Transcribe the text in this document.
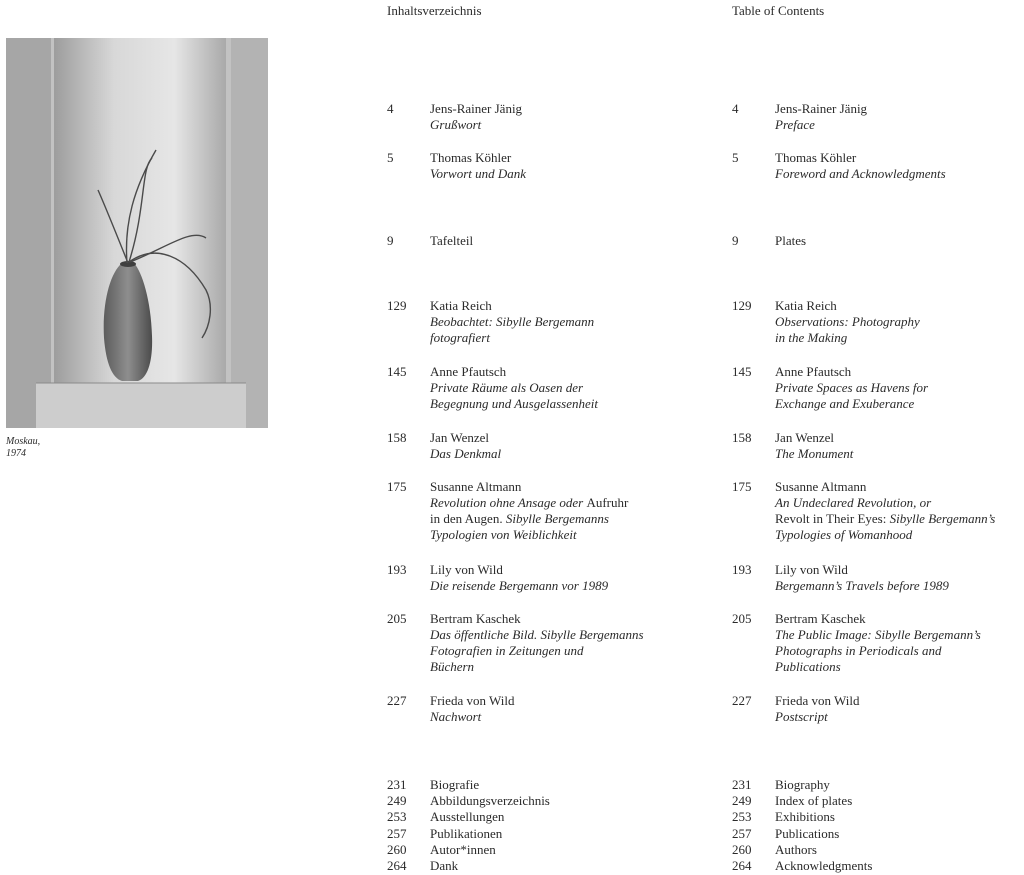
Moskau,
1974
Inhaltsverzeichnis	Table of Contents
4	Jens-Rainer Jänig
Grußwort
5	Thomas Köhler
Vorwort und Dank
9	Tafelteil
129 Katia Reich
Beobachtet: Sibylle Bergemann
fotografiert
145 Anne Pfautsch
Private Räume als Oasen der
Begegnung und Ausgelassenheit
158 Jan Wenzel
Das Denkmal
175 Susanne Altmann
Revolution ohne Ansage oder Aufruhr
in den Augen. Sibylle Bergemanns
Typologien von Weiblichkeit
193 Lily von Wild
Die reisende Bergemann vor 1989
205 Bertram Kaschek
Das öffentliche Bild. Sibylle Bergemanns
Fotografien in Zeitungen und
Büchern
227 Frieda von Wild
Nachwort
231 Biografie
249 Abbildungsverzeichnis
253 Ausstellungen
257 Publikationen
260 Autor*innen
264 Dank
4	Jens-Rainer Jänig
Preface
5	Thomas Köhler
Foreword and Acknowledgments
9	Plates
129 Katia Reich
Observations: Photography
in the Making
145 Anne Pfautsch
Private Spaces as Havens for
Exchange and Exuberance
158 Jan Wenzel
The Monument
175 Susanne Altmann
An Undeclared Revolution, or
Revolt in Their Eyes: Sibylle Bergemann’s
Typologies of Womanhood
193 Lily von Wild
Bergemann’s Travels before 1989
205 Bertram Kaschek
The Public Image: Sibylle Bergemann’s
Photographs in Periodicals and
Publications
227 Frieda von Wild
Postscript
231 Biography
249 Index of plates
253 Exhibitions
257 Publications
260 Authors
264 Acknowledgments
